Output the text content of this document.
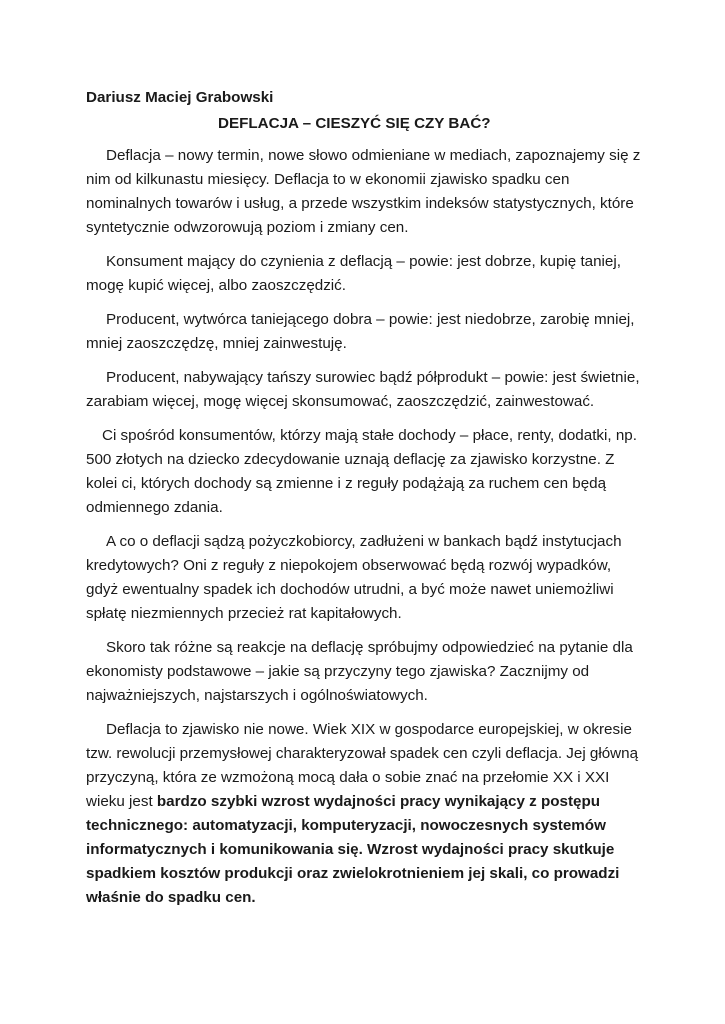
Dariusz Maciej Grabowski
DEFLACJA – CIESZYĆ SIĘ CZY BAĆ?

Deflacja – nowy termin, nowe słowo odmieniane w mediach, zapoznajemy się z nim od kilkunastu miesięcy. Deflacja to w ekonomii zjawisko spadku cen nominalnych towarów i usług, a przede wszystkim indeksów statystycznych, które syntetycznie odwzorowują poziom i zmiany cen.

Konsument mający do czynienia z deflacją – powie: jest dobrze, kupię taniej, mogę kupić więcej, albo zaoszczędzić.

Producent, wytwórca taniejącego dobra – powie: jest niedobrze, zarobię mniej, mniej zaoszczędzę, mniej zainwestuję.

Producent, nabywający tańszy surowiec bądź półprodukt – powie: jest świetnie, zarabiam więcej, mogę więcej skonsumować, zaoszczędzić, zainwestować.

Ci spośród konsumentów, którzy mają stałe dochody – płace, renty, dodatki, np. 500 złotych na dziecko zdecydowanie uznają deflację za zjawisko korzystne. Z kolei ci, których dochody są zmienne i z reguły podążają za ruchem cen będą odmiennego zdania.

A co o deflacji sądzą pożyczkobiorcy, zadłużeni w bankach bądź instytucjach kredytowych? Oni z reguły z niepokojem obserwować będą rozwój wypadków, gdyż ewentualny spadek ich dochodów utrudni, a być może nawet uniemożliwi spłatę niezmiennych przecież rat kapitałowych.

Skoro tak różne są reakcje na deflację spróbujmy odpowiedzieć na pytanie dla ekonomisty podstawowe – jakie są przyczyny tego zjawiska? Zacznijmy od najważniejszych, najstarszych i ogólnoświatowych.

Deflacja to zjawisko nie nowe. Wiek XIX w gospodarce europejskiej, w okresie tzw. rewolucji przemysłowej charakteryzował spadek cen czyli deflacja. Jej główną przyczyną, która ze wzmożoną mocą dała o sobie znać na przełomie XX i XXI wieku jest bardzo szybki wzrost wydajności pracy wynikający z postępu technicznego: automatyzacji, komputeryzacji, nowoczesnych systemów informatycznych i komunikowania się. Wzrost wydajności pracy skutkuje spadkiem kosztów produkcji oraz zwielokrotnieniem jej skali, co prowadzi właśnie do spadku cen.
